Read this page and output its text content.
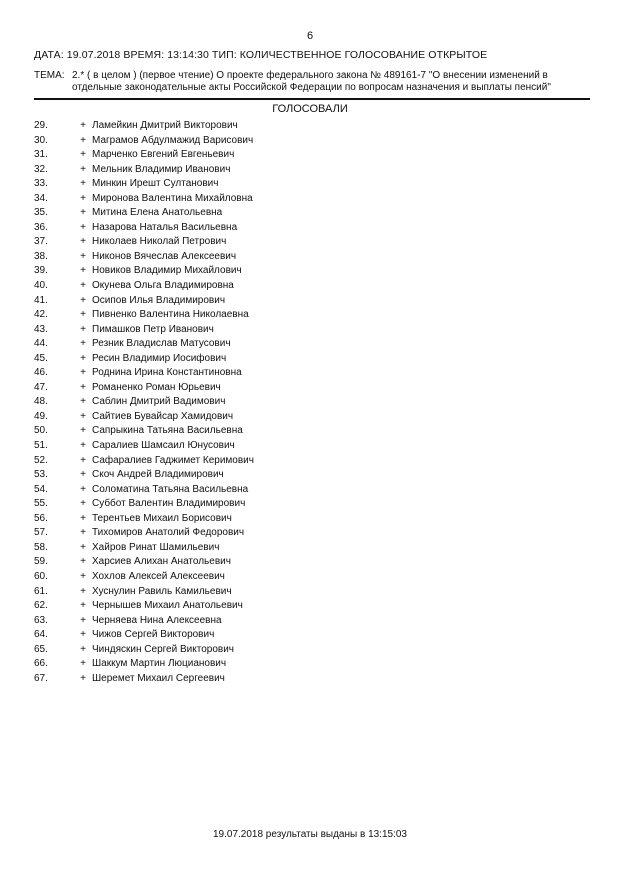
6
ДАТА: 19.07.2018 ВРЕМЯ: 13:14:30 ТИП: КОЛИЧЕСТВЕННОЕ ГОЛОСОВАНИЕ ОТКРЫТОЕ
ТЕМА: 2.* ( в целом ) (первое чтение) О проекте федерального закона № 489161-7 "О внесении изменений в
отдельные законодательные акты Российской Федерации по вопросам назначения и выплаты пенсий"
ГОЛОСОВАЛИ
29.	+ Ламейкин Дмитрий Викторович
30.	+ Маграмов Абдулмажид Варисович
31.	+ Марченко Евгений Евгеньевич
32.	+ Мельник Владимир Иванович
33.	+ Минкин Ирешт Султанович
34.	+ Миронова Валентина Михайловна
35.	+ Митина Елена Анатольевна
36.	+ Назарова Наталья Васильевна
37.	+ Николаев Николай Петрович
38.	+ Никонов Вячеслав Алексеевич
39.	+ Новиков Владимир Михайлович
40.	+ Окунева Ольга Владимировна
41.	+ Осипов Илья Владимирович
42.	+ Пивненко Валентина Николаевна
43.	+ Пимашков Петр Иванович
44.	+ Резник Владислав Матусович
45.	+ Ресин Владимир Иосифович
46.	+ Роднина Ирина Константиновна
47.	+ Романенко Роман Юрьевич
48.	+ Саблин Дмитрий Вадимович
49.	+ Сайтиев Бувайсар Хамидович
50.	+ Сапрыкина Татьяна Васильевна
51.	+ Саралиев Шамсаил Юнусович
52.	+ Сафаралиев Гаджимет Керимович
53.	+ Скоч Андрей Владимирович
54.	+ Соломатина Татьяна Васильевна
55.	+ Суббот Валентин Владимирович
56.	+ Терентьев Михаил Борисович
57.	+ Тихомиров Анатолий Федорович
58.	+ Хайров Ринат Шамильевич
59.	+ Харсиев Алихан Анатольевич
60.	+ Хохлов Алексей Алексеевич
61.	+ Хуснулин Равиль Камильевич
62.	+ Чернышев Михаил Анатольевич
63.	+ Черняева Нина Алексеевна
64.	+ Чижов Сергей Викторович
65.	+ Чиндяскин Сергей Викторович
66.	+ Шаккум Мартин Люцианович
67.	+ Шеремет Михаил Сергеевич
19.07.2018 результаты выданы в 13:15:03
